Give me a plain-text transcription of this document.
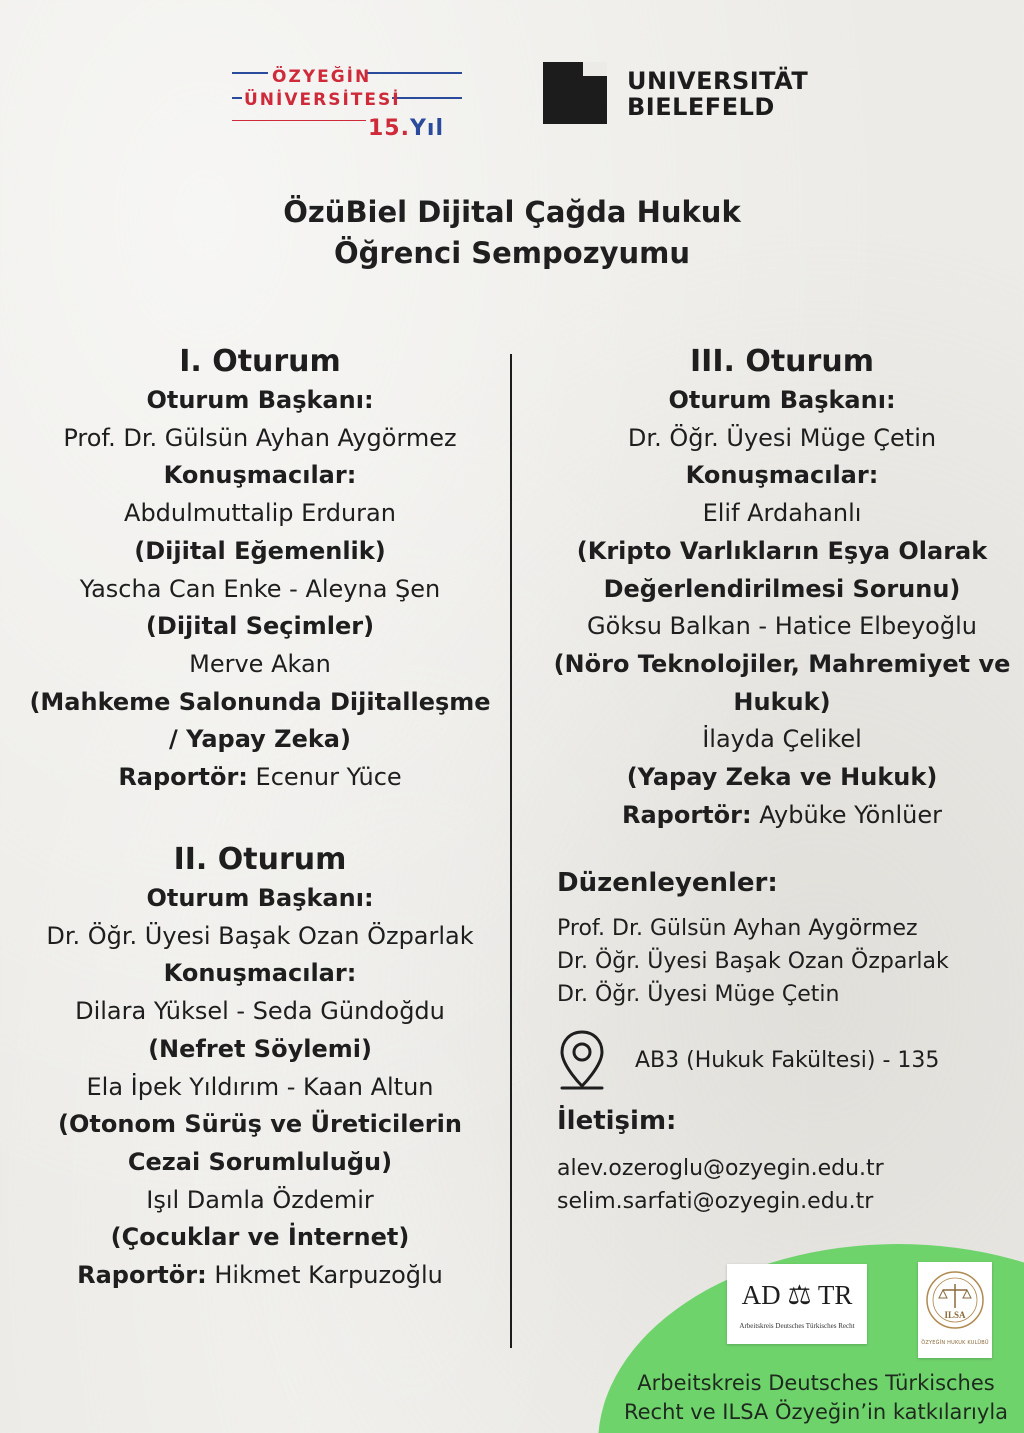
ÖZYEĞİN
ÜNİVERSİTESİ
15.Yıl
UNIVERSITÄT
BIELEFELD
ÖzüBiel Dijital Çağda Hukuk
Öğrenci Sempozyumu
I. Oturum
Oturum Başkanı:
Prof. Dr. Gülsün Ayhan Aygörmez
Konuşmacılar:
Abdulmuttalip Erduran
(Dijital Eğemenlik)
Yascha Can Enke - Aleyna Şen
(Dijital Seçimler)
Merve Akan
(Mahkeme Salonunda Dijitalleşme
/ Yapay Zeka)
Raportör: Ecenur Yüce
II. Oturum
Oturum Başkanı:
Dr. Öğr. Üyesi Başak Ozan Özparlak
Konuşmacılar:
Dilara Yüksel - Seda Gündoğdu
(Nefret Söylemi)
Ela İpek Yıldırım - Kaan Altun
(Otonom Sürüş ve Üreticilerin
Cezai Sorumluluğu)
Işıl Damla Özdemir
(Çocuklar ve İnternet)
Raportör: Hikmet Karpuzoğlu
III. Oturum
Oturum Başkanı:
Dr. Öğr. Üyesi Müge Çetin
Konuşmacılar:
Elif Ardahanlı
(Kripto Varlıkların Eşya Olarak
Değerlendirilmesi Sorunu)
Göksu Balkan - Hatice Elbeyoğlu
(Nöro Teknolojiler, Mahremiyet ve
Hukuk)
İlayda Çelikel
(Yapay Zeka ve Hukuk)
Raportör: Aybüke Yönlüer
Düzenleyenler:
Prof. Dr. Gülsün Ayhan Aygörmez
Dr. Öğr. Üyesi Başak Ozan Özparlak
Dr. Öğr. Üyesi Müge Çetin
AB3 (Hukuk Fakültesi) - 135
İletişim:
alev.ozeroglu@ozyegin.edu.tr
selim.sarfati@ozyegin.edu.tr
AD ⚖ TR
Arbeitskreis Deutsches Türkisches Recht
ILSA
ÖZYEĞİN HUKUK KULÜBÜ
Arbeitskreis Deutsches Türkisches
Recht ve ILSA Özyeğin’in katkılarıyla
